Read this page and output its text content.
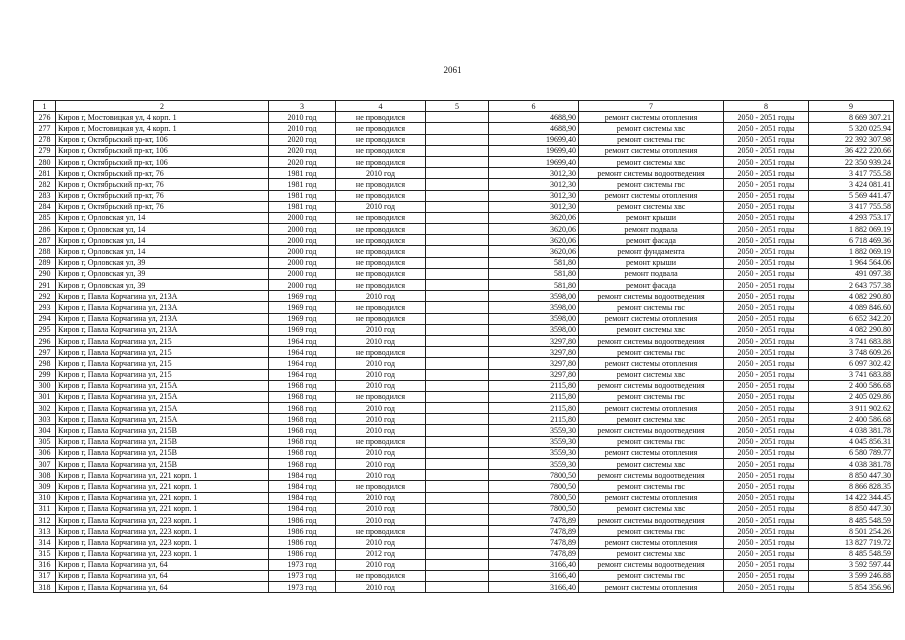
2061
1	2	3	4	5	6	7	8	9
276	Киров г, Мостовицкая ул, 4 корп. 1	2010 год	не проводился		4688,90	ремонт системы отопления	2050 - 2051 годы	8 669 307.21
277	Киров г, Мостовицкая ул, 4 корп. 1	2010 год	не проводился		4688,90	ремонт системы хвс	2050 - 2051 годы	5 320 025.94
278	Киров г, Октябрьский пр-кт, 106	2020 год	не проводился		19699,40	ремонт системы гвс	2050 - 2051 годы	22 392 307.98
279	Киров г, Октябрьский пр-кт, 106	2020 год	не проводился		19699,40	ремонт системы отопления	2050 - 2051 годы	36 422 220.66
280	Киров г, Октябрьский пр-кт, 106	2020 год	не проводился		19699,40	ремонт системы хвс	2050 - 2051 годы	22 350 939.24
281	Киров г, Октябрьский пр-кт, 76	1981 год	2010 год		3012,30	ремонт системы водоотведения	2050 - 2051 годы	3 417 755.58
282	Киров г, Октябрьский пр-кт, 76	1981 год	не проводился		3012,30	ремонт системы гвс	2050 - 2051 годы	3 424 081.41
283	Киров г, Октябрьский пр-кт, 76	1981 год	не проводился		3012,30	ремонт системы отопления	2050 - 2051 годы	5 569 441.47
284	Киров г, Октябрьский пр-кт, 76	1981 год	2010 год		3012,30	ремонт системы хвс	2050 - 2051 годы	3 417 755.58
285	Киров г, Орловская ул, 14	2000 год	не проводился		3620,06	ремонт крыши	2050 - 2051 годы	4 293 753.17
286	Киров г, Орловская ул, 14	2000 год	не проводился		3620,06	ремонт подвала	2050 - 2051 годы	1 882 069.19
287	Киров г, Орловская ул, 14	2000 год	не проводился		3620,06	ремонт фасада	2050 - 2051 годы	6 718 469.36
288	Киров г, Орловская ул, 14	2000 год	не проводился		3620,06	ремонт фундамента	2050 - 2051 годы	1 882 069.19
289	Киров г, Орловская ул, 39	2000 год	не проводился		581,80	ремонт крыши	2050 - 2051 годы	1 964 564.06
290	Киров г, Орловская ул, 39	2000 год	не проводился		581,80	ремонт подвала	2050 - 2051 годы	491 097.38
291	Киров г, Орловская ул, 39	2000 год	не проводился		581,80	ремонт фасада	2050 - 2051 годы	2 643 757.38
292	Киров г, Павла Корчагина ул, 213А	1969 год	2010 год		3598,00	ремонт системы водоотведения	2050 - 2051 годы	4 082 290.80
293	Киров г, Павла Корчагина ул, 213А	1969 год	не проводился		3598,00	ремонт системы гвс	2050 - 2051 годы	4 089 846.60
294	Киров г, Павла Корчагина ул, 213А	1969 год	не проводился		3598,00	ремонт системы отопления	2050 - 2051 годы	6 652 342.20
295	Киров г, Павла Корчагина ул, 213А	1969 год	2010 год		3598,00	ремонт системы хвс	2050 - 2051 годы	4 082 290.80
296	Киров г, Павла Корчагина ул, 215	1964 год	2010 год		3297,80	ремонт системы водоотведения	2050 - 2051 годы	3 741 683.88
297	Киров г, Павла Корчагина ул, 215	1964 год	не проводился		3297,80	ремонт системы гвс	2050 - 2051 годы	3 748 609.26
298	Киров г, Павла Корчагина ул, 215	1964 год	2010 год		3297,80	ремонт системы отопления	2050 - 2051 годы	6 097 302.42
299	Киров г, Павла Корчагина ул, 215	1964 год	2010 год		3297,80	ремонт системы хвс	2050 - 2051 годы	3 741 683.88
300	Киров г, Павла Корчагина ул, 215А	1968 год	2010 год		2115,80	ремонт системы водоотведения	2050 - 2051 годы	2 400 586.68
301	Киров г, Павла Корчагина ул, 215А	1968 год	не проводился		2115,80	ремонт системы гвс	2050 - 2051 годы	2 405 029.86
302	Киров г, Павла Корчагина ул, 215А	1968 год	2010 год		2115,80	ремонт системы отопления	2050 - 2051 годы	3 911 902.62
303	Киров г, Павла Корчагина ул, 215А	1968 год	2010 год		2115,80	ремонт системы хвс	2050 - 2051 годы	2 400 586.68
304	Киров г, Павла Корчагина ул, 215В	1968 год	2010 год		3559,30	ремонт системы водоотведения	2050 - 2051 годы	4 038 381.78
305	Киров г, Павла Корчагина ул, 215В	1968 год	не проводился		3559,30	ремонт системы гвс	2050 - 2051 годы	4 045 856.31
306	Киров г, Павла Корчагина ул, 215В	1968 год	2010 год		3559,30	ремонт системы отопления	2050 - 2051 годы	6 580 789.77
307	Киров г, Павла Корчагина ул, 215В	1968 год	2010 год		3559,30	ремонт системы хвс	2050 - 2051 годы	4 038 381.78
308	Киров г, Павла Корчагина ул, 221 корп. 1	1984 год	2010 год		7800,50	ремонт системы водоотведения	2050 - 2051 годы	8 850 447.30
309	Киров г, Павла Корчагина ул, 221 корп. 1	1984 год	не проводился		7800,50	ремонт системы гвс	2050 - 2051 годы	8 866 828.35
310	Киров г, Павла Корчагина ул, 221 корп. 1	1984 год	2010 год		7800,50	ремонт системы отопления	2050 - 2051 годы	14 422 344.45
311	Киров г, Павла Корчагина ул, 221 корп. 1	1984 год	2010 год		7800,50	ремонт системы хвс	2050 - 2051 годы	8 850 447.30
312	Киров г, Павла Корчагина ул, 223 корп. 1	1986 год	2010 год		7478,89	ремонт системы водоотведения	2050 - 2051 годы	8 485 548.59
313	Киров г, Павла Корчагина ул, 223 корп. 1	1986 год	не проводился		7478,89	ремонт системы гвс	2050 - 2051 годы	8 501 254.26
314	Киров г, Павла Корчагина ул, 223 корп. 1	1986 год	2010 год		7478,89	ремонт системы отопления	2050 - 2051 годы	13 827 719.72
315	Киров г, Павла Корчагина ул, 223 корп. 1	1986 год	2012 год		7478,89	ремонт системы хвс	2050 - 2051 годы	8 485 548.59
316	Киров г, Павла Корчагина ул, 64	1973 год	2010 год		3166,40	ремонт системы водоотведения	2050 - 2051 годы	3 592 597.44
317	Киров г, Павла Корчагина ул, 64	1973 год	не проводился		3166,40	ремонт системы гвс	2050 - 2051 годы	3 599 246.88
318	Киров г, Павла Корчагина ул, 64	1973 год	2010 год		3166,40	ремонт системы отопления	2050 - 2051 годы	5 854 356.96
